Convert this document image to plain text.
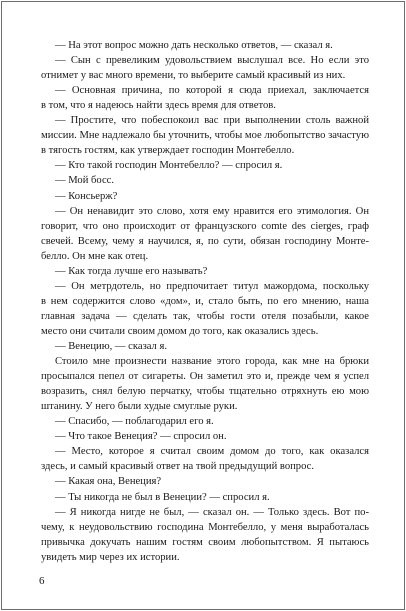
— На этот вопрос можно дать несколько ответов, — сказал я.
— Сын с превеликим удовольствием выслушал все. Но если это
отнимет у вас много времени, то выберите самый красивый из них.
— Основная причина, по которой я сюда приехал, заключается
в том, что я надеюсь найти здесь время для ответов.
— Простите, что побеспокоил вас при выполнении столь важной
миссии. Мне надлежало бы уточнить, чтобы мое любопытство зачастую
в тягость гостям, как утверждает господин Монтебелло.
— Кто такой господин Монтебелло? — спросил я.
— Мой босс.
— Консьерж?
— Он ненавидит это слово, хотя ему нравится его этимология. Он
говорит, что оно происходит от французского comte des cierges, граф
свечей. Всему, чему я научился, я, по сути, обязан господину Монте-
белло. Он мне как отец.
— Как тогда лучше его называть?
— Он метрдотель, но предпочитает титул мажордома, поскольку
в нем содержится слово «дом», и, стало быть, по его мнению, наша
главная задача — сделать так, чтобы гости отеля позабыли, какое
место они считали своим домом до того, как оказались здесь.
— Венецию, — сказал я.
Стоило мне произнести название этого города, как мне на брюки
просыпался пепел от сигареты. Он заметил это и, прежде чем я успел
возразить, снял белую перчатку, чтобы тщательно отряхнуть ею мою
штанину. У него были худые смуглые руки.
— Спасибо, — поблагодарил его я.
— Что такое Венеция? — спросил он.
— Место, которое я считал своим домом до того, как оказался
здесь, и самый красивый ответ на твой предыдущий вопрос.
— Какая она, Венеция?
— Ты никогда не был в Венеции? — спросил я.
— Я никогда нигде не был, — сказал он. — Только здесь. Вот по-
чему, к неудовольствию господина Монтебелло, у меня выработалась
привычка докучать нашим гостям своим любопытством. Я пытаюсь
увидеть мир через их истории.
6
